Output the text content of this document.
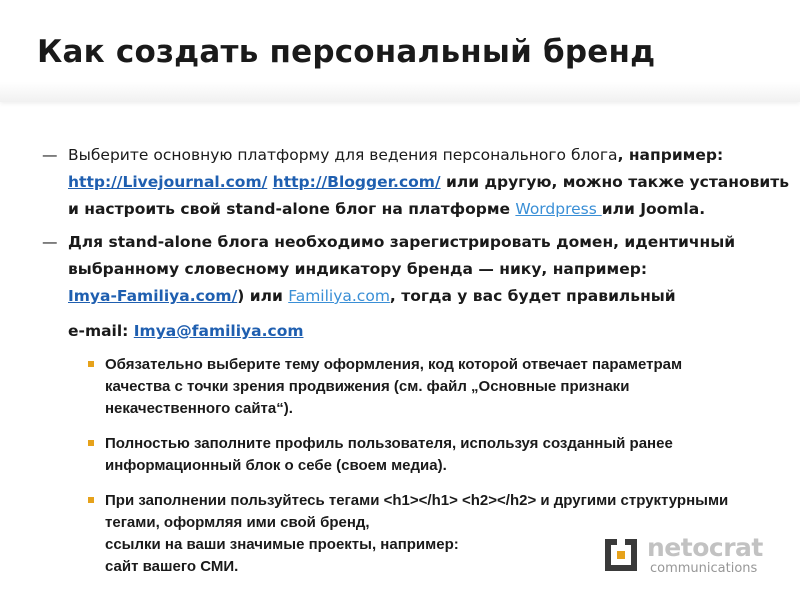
Как создать персональный бренд
— Выберите основную платформу для ведения персонального блога, например:
http://Livejournal.com/ http://Blogger.com/ или другую, можно также установить
и настроить свой stand-alone блог на платформе Wordpress или Joomla.
— Для stand-alone блога необходимо зарегистрировать домен, идентичный
выбранному словесному индикатору бренда — нику, например:
Imya-Familiya.com/) или Familiya.com, тогда у вас будет правильный
e-mail: Imya@familiya.com
Обязательно выберите тему оформления, код которой отвечает параметрам
качества с точки зрения продвижения (см. файл „Основные признаки
некачественного сайта“).
Полностью заполните профиль пользователя, используя созданный ранее
информационный блок о себе (своем медиа).
При заполнении пользуйтесь тегами <h1></h1> <h2></h2> и другими структурными
тегами, оформляя ими свой бренд,
ссылки на ваши значимые проекты, например:
сайт вашего СМИ.
netocrat
communications
